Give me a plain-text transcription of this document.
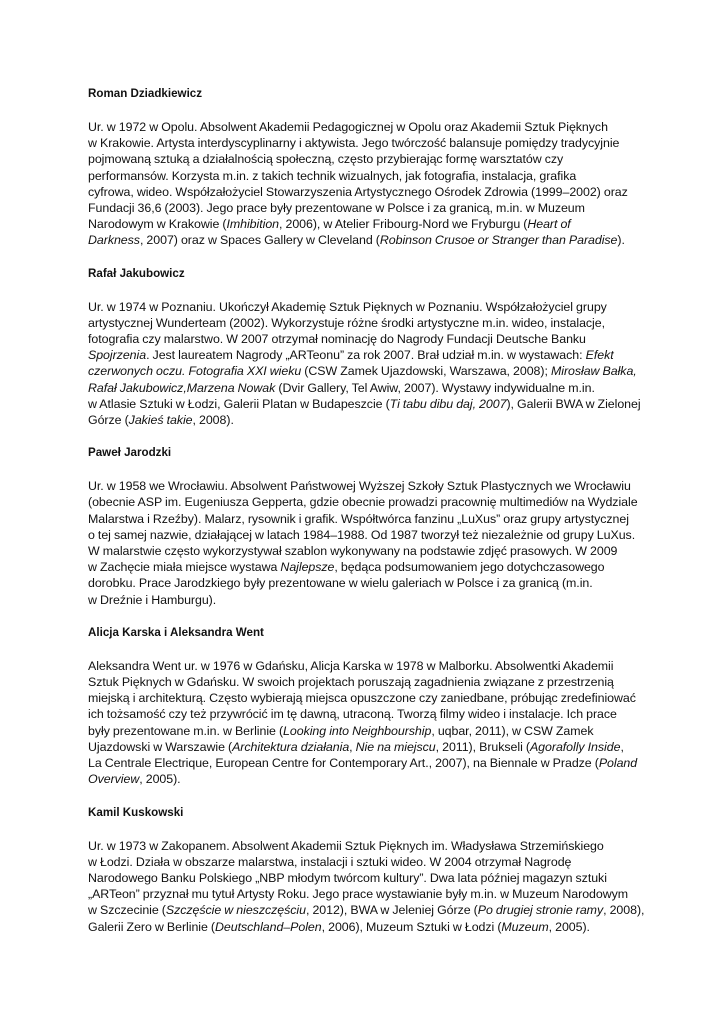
Roman Dziadkiewicz

Ur. w 1972 w Opolu. Absolwent Akademii Pedagogicznej w Opolu oraz Akademii Sztuk Pięknych
w Krakowie. Artysta interdyscyplinarny i aktywista. Jego twórczość balansuje pomiędzy tradycyjnie
pojmowaną sztuką a działalnością społeczną, często przybierając formę warsztatów czy
performansów. Korzysta m.in. z takich technik wizualnych, jak fotografia, instalacja, grafika
cyfrowa, wideo. Współzałożyciel Stowarzyszenia Artystycznego Ośrodek Zdrowia (1999–2002) oraz
Fundacji 36,6 (2003). Jego prace były prezentowane w Polsce i za granicą, m.in. w Muzeum
Narodowym w Krakowie (Imhibition, 2006), w Atelier Fribourg-Nord we Fryburgu (Heart of
Darkness, 2007) oraz w Spaces Gallery w Cleveland (Robinson Crusoe or Stranger than Paradise).

Rafał Jakubowicz

Ur. w 1974 w Poznaniu. Ukończył Akademię Sztuk Pięknych w Poznaniu. Współzałożyciel grupy
artystycznej Wunderteam (2002). Wykorzystuje różne środki artystyczne m.in. wideo, instalacje,
fotografia czy malarstwo. W 2007 otrzymał nominację do Nagrody Fundacji Deutsche Banku
Spojrzenia. Jest laureatem Nagrody „ARTeonu” za rok 2007. Brał udział m.in. w wystawach: Efekt
czerwonych oczu. Fotografia XXI wieku (CSW Zamek Ujazdowski, Warszawa, 2008); Mirosław Bałka,
Rafał Jakubowicz,Marzena Nowak (Dvir Gallery, Tel Awiw, 2007). Wystawy indywidualne m.in.
w Atlasie Sztuki w Łodzi, Galerii Platan w Budapeszcie (Ti tabu dibu daj, 2007), Galerii BWA w Zielonej
Górze (Jakieś takie, 2008).

Paweł Jarodzki

Ur. w 1958 we Wrocławiu. Absolwent Państwowej Wyższej Szkoły Sztuk Plastycznych we Wrocławiu
(obecnie ASP im. Eugeniusza Gepperta, gdzie obecnie prowadzi pracownię multimediów na Wydziale
Malarstwa i Rzeźby). Malarz, rysownik i grafik. Współtwórca fanzinu „LuXus” oraz grupy artystycznej
o tej samej nazwie, działającej w latach 1984–1988. Od 1987 tworzył też niezależnie od grupy LuXus.
W malarstwie często wykorzystywał szablon wykonywany na podstawie zdjęć prasowych. W 2009
w Zachęcie miała miejsce wystawa Najlepsze, będąca podsumowaniem jego dotychczasowego
dorobku. Prace Jarodzkiego były prezentowane w wielu galeriach w Polsce i za granicą (m.in.
w Dreźnie i Hamburgu).

Alicja Karska i Aleksandra Went

Aleksandra Went ur. w 1976 w Gdańsku, Alicja Karska w 1978 w Malborku. Absolwentki Akademii
Sztuk Pięknych w Gdańsku. W swoich projektach poruszają zagadnienia związane z przestrzenią
miejską i architekturą. Często wybierają miejsca opuszczone czy zaniedbane, próbując zredefiniować
ich tożsamość czy też przywrócić im tę dawną, utraconą. Tworzą filmy wideo i instalacje. Ich prace
były prezentowane m.in. w Berlinie (Looking into Neighbourship, uqbar, 2011), w CSW Zamek
Ujazdowski w Warszawie (Architektura działania, Nie na miejscu, 2011), Brukseli (Agorafolly Inside,
La Centrale Electrique, European Centre for Contemporary Art., 2007), na Biennale w Pradze (Poland
Overview, 2005).

Kamil Kuskowski

Ur. w 1973 w Zakopanem. Absolwent Akademii Sztuk Pięknych im. Władysława Strzemińskiego
w Łodzi. Działa w obszarze malarstwa, instalacji i sztuki wideo. W 2004 otrzymał Nagrodę
Narodowego Banku Polskiego „NBP młodym twórcom kultury”. Dwa lata później magazyn sztuki
„ARTeon” przyznał mu tytuł Artysty Roku. Jego prace wystawianie były m.in. w Muzeum Narodowym
w Szczecinie (Szczęście w nieszczęściu, 2012), BWA w Jeleniej Górze (Po drugiej stronie ramy, 2008),
Galerii Zero w Berlinie (Deutschland–Polen, 2006), Muzeum Sztuki w Łodzi (Muzeum, 2005).
